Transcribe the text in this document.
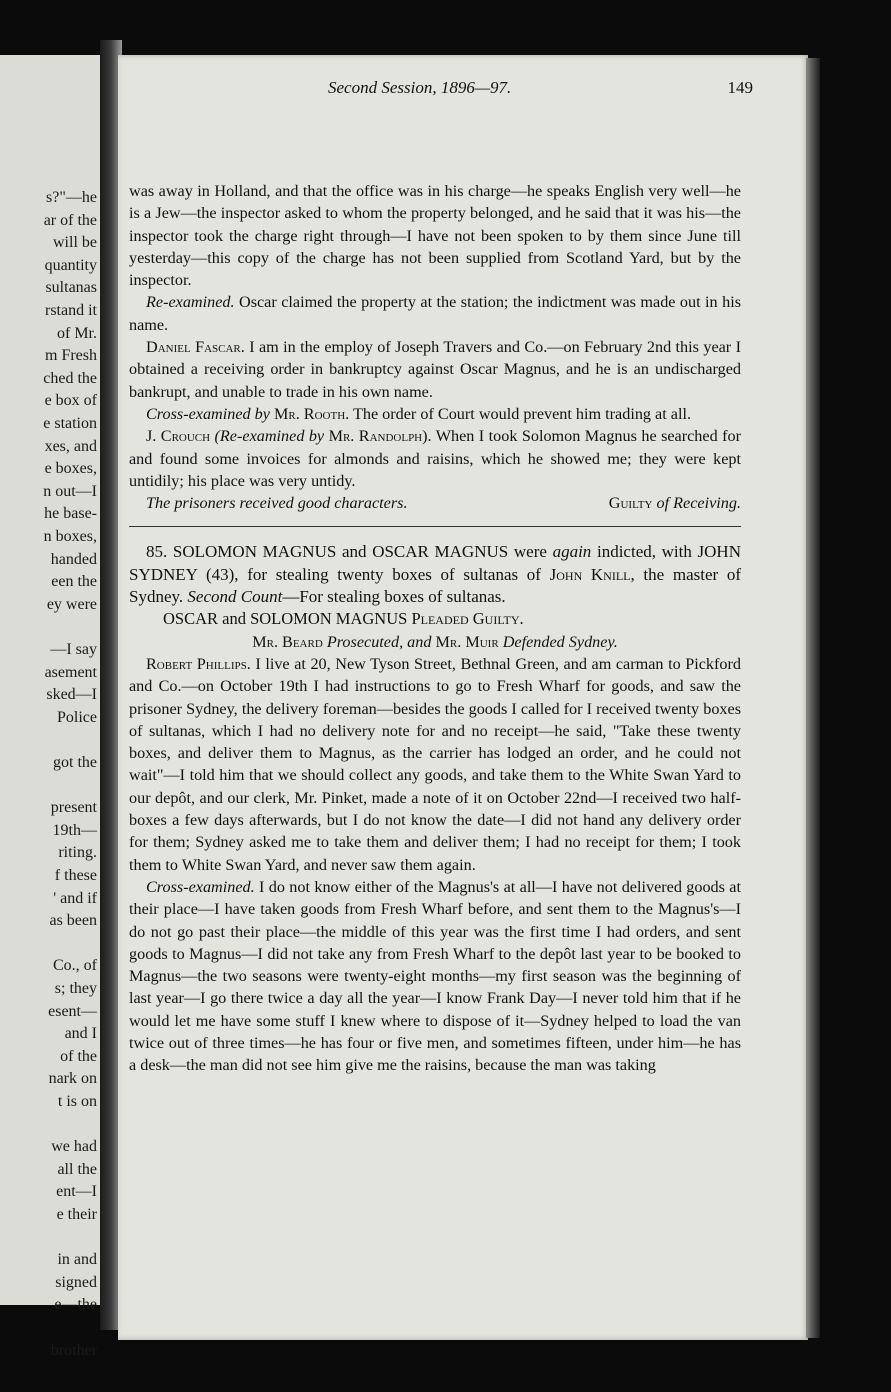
s?"—he
ar of the
will be
quantity
sultanas
rstand it
of Mr.
m Fresh
ched the
e box of
e station
xes, and
e boxes,
n out—I
he base-
n boxes,
handed
een the
ey were
—I say
asement
sked—I
Police
got the
present
19th—
riting.
f these
' and if
as been
Co., of
s; they
esent—
and I
of the
nark on
t is on
we had
all the
ent—I
e their
in and
signed
e—the
brother
Second Session, 1896—97.	149

was away in Holland, and that the office was in his charge—he speaks English very well—he is a Jew—the inspector asked to whom the property belonged, and he said that it was his—the inspector took the charge right through—I have not been spoken to by them since June till yesterday—this copy of the charge has not been supplied from Scotland Yard, but by the inspector.

Re-examined. Oscar claimed the property at the station; the indictment was made out in his name.

Daniel Fascar. I am in the employ of Joseph Travers and Co.—on February 2nd this year I obtained a receiving order in bankruptcy against Oscar Magnus, and he is an undischarged bankrupt, and unable to trade in his own name.

Cross-examined by Mr. Rooth. The order of Court would prevent him trading at all.

J. Crouch (Re-examined by Mr. Randolph). When I took Solomon Magnus he searched for and found some invoices for almonds and raisins, which he showed me; they were kept untidily; his place was very untidy.

The prisoners received good characters.	Guilty of Receiving.

85. SOLOMON MAGNUS and OSCAR MAGNUS were again indicted, with JOHN SYDNEY (43), for stealing twenty boxes of sultanas of John Knill, the master of Sydney. Second Count—For stealing boxes of sultanas.

OSCAR and SOLOMON MAGNUS Pleaded Guilty.

Mr. Beard Prosecuted, and Mr. Muir Defended Sydney.

Robert Phillips. I live at 20, New Tyson Street, Bethnal Green, and am carman to Pickford and Co.—on October 19th I had instructions to go to Fresh Wharf for goods, and saw the prisoner Sydney, the delivery foreman—besides the goods I called for I received twenty boxes of sultanas, which I had no delivery note for and no receipt—he said, "Take these twenty boxes, and deliver them to Magnus, as the carrier has lodged an order, and he could not wait"—I told him that we should collect any goods, and take them to the White Swan Yard to our depôt, and our clerk, Mr. Pinket, made a note of it on October 22nd—I received two half-boxes a few days afterwards, but I do not know the date—I did not hand any delivery order for them; Sydney asked me to take them and deliver them; I had no receipt for them; I took them to White Swan Yard, and never saw them again.

Cross-examined. I do not know either of the Magnus's at all—I have not delivered goods at their place—I have taken goods from Fresh Wharf before, and sent them to the Magnus's—I do not go past their place—the middle of this year was the first time I had orders, and sent goods to Magnus—I did not take any from Fresh Wharf to the depôt last year to be booked to Magnus—the two seasons were twenty-eight months—my first season was the beginning of last year—I go there twice a day all the year—I know Frank Day—I never told him that if he would let me have some stuff I knew where to dispose of it—Sydney helped to load the van twice out of three times—he has four or five men, and sometimes fifteen, under him—he has a desk—the man did not see him give me the raisins, because the man was taking
